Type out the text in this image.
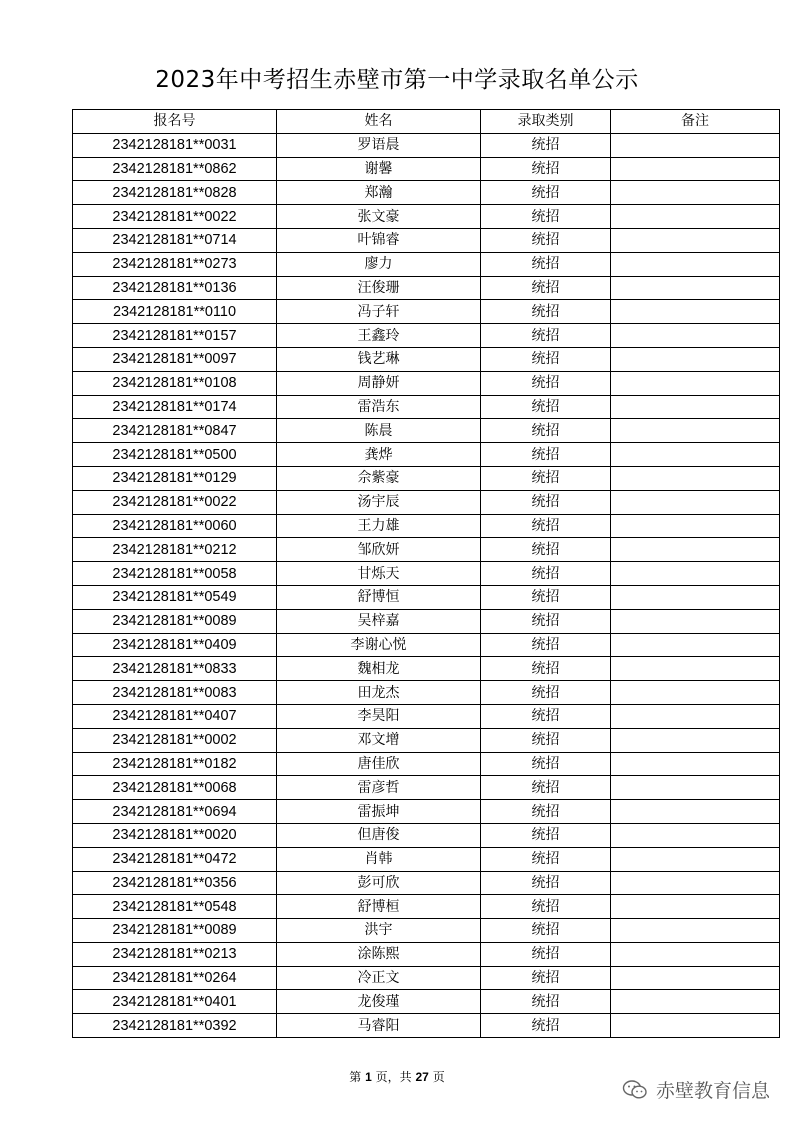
2023年中考招生赤壁市第一中学录取名单公示
报名号	姓名	录取类别	备注
2342128181**0031	罗语晨	统招	
2342128181**0862	谢馨	统招	
2342128181**0828	郑瀚	统招	
2342128181**0022	张文豪	统招	
2342128181**0714	叶锦睿	统招	
2342128181**0273	廖力	统招	
2342128181**0136	汪俊珊	统招	
2342128181**0110	冯子轩	统招	
2342128181**0157	王鑫玲	统招	
2342128181**0097	钱艺琳	统招	
2342128181**0108	周静妍	统招	
2342128181**0174	雷浩东	统招	
2342128181**0847	陈晨	统招	
2342128181**0500	龚烨	统招	
2342128181**0129	佘紫豪	统招	
2342128181**0022	汤宇辰	统招	
2342128181**0060	王力雄	统招	
2342128181**0212	邹欣妍	统招	
2342128181**0058	甘烁天	统招	
2342128181**0549	舒博恒	统招	
2342128181**0089	吴梓嘉	统招	
2342128181**0409	李谢心悦	统招	
2342128181**0833	魏相龙	统招	
2342128181**0083	田龙杰	统招	
2342128181**0407	李昊阳	统招	
2342128181**0002	邓文增	统招	
2342128181**0182	唐佳欣	统招	
2342128181**0068	雷彦哲	统招	
2342128181**0694	雷振坤	统招	
2342128181**0020	但唐俊	统招	
2342128181**0472	肖韩	统招	
2342128181**0356	彭可欣	统招	
2342128181**0548	舒博桓	统招	
2342128181**0089	洪宇	统招	
2342128181**0213	涂陈熙	统招	
2342128181**0264	冷正文	统招	
2342128181**0401	龙俊瑾	统招	
2342128181**0392	马睿阳	统招	
第 1 页，共 27 页
赤壁教育信息
